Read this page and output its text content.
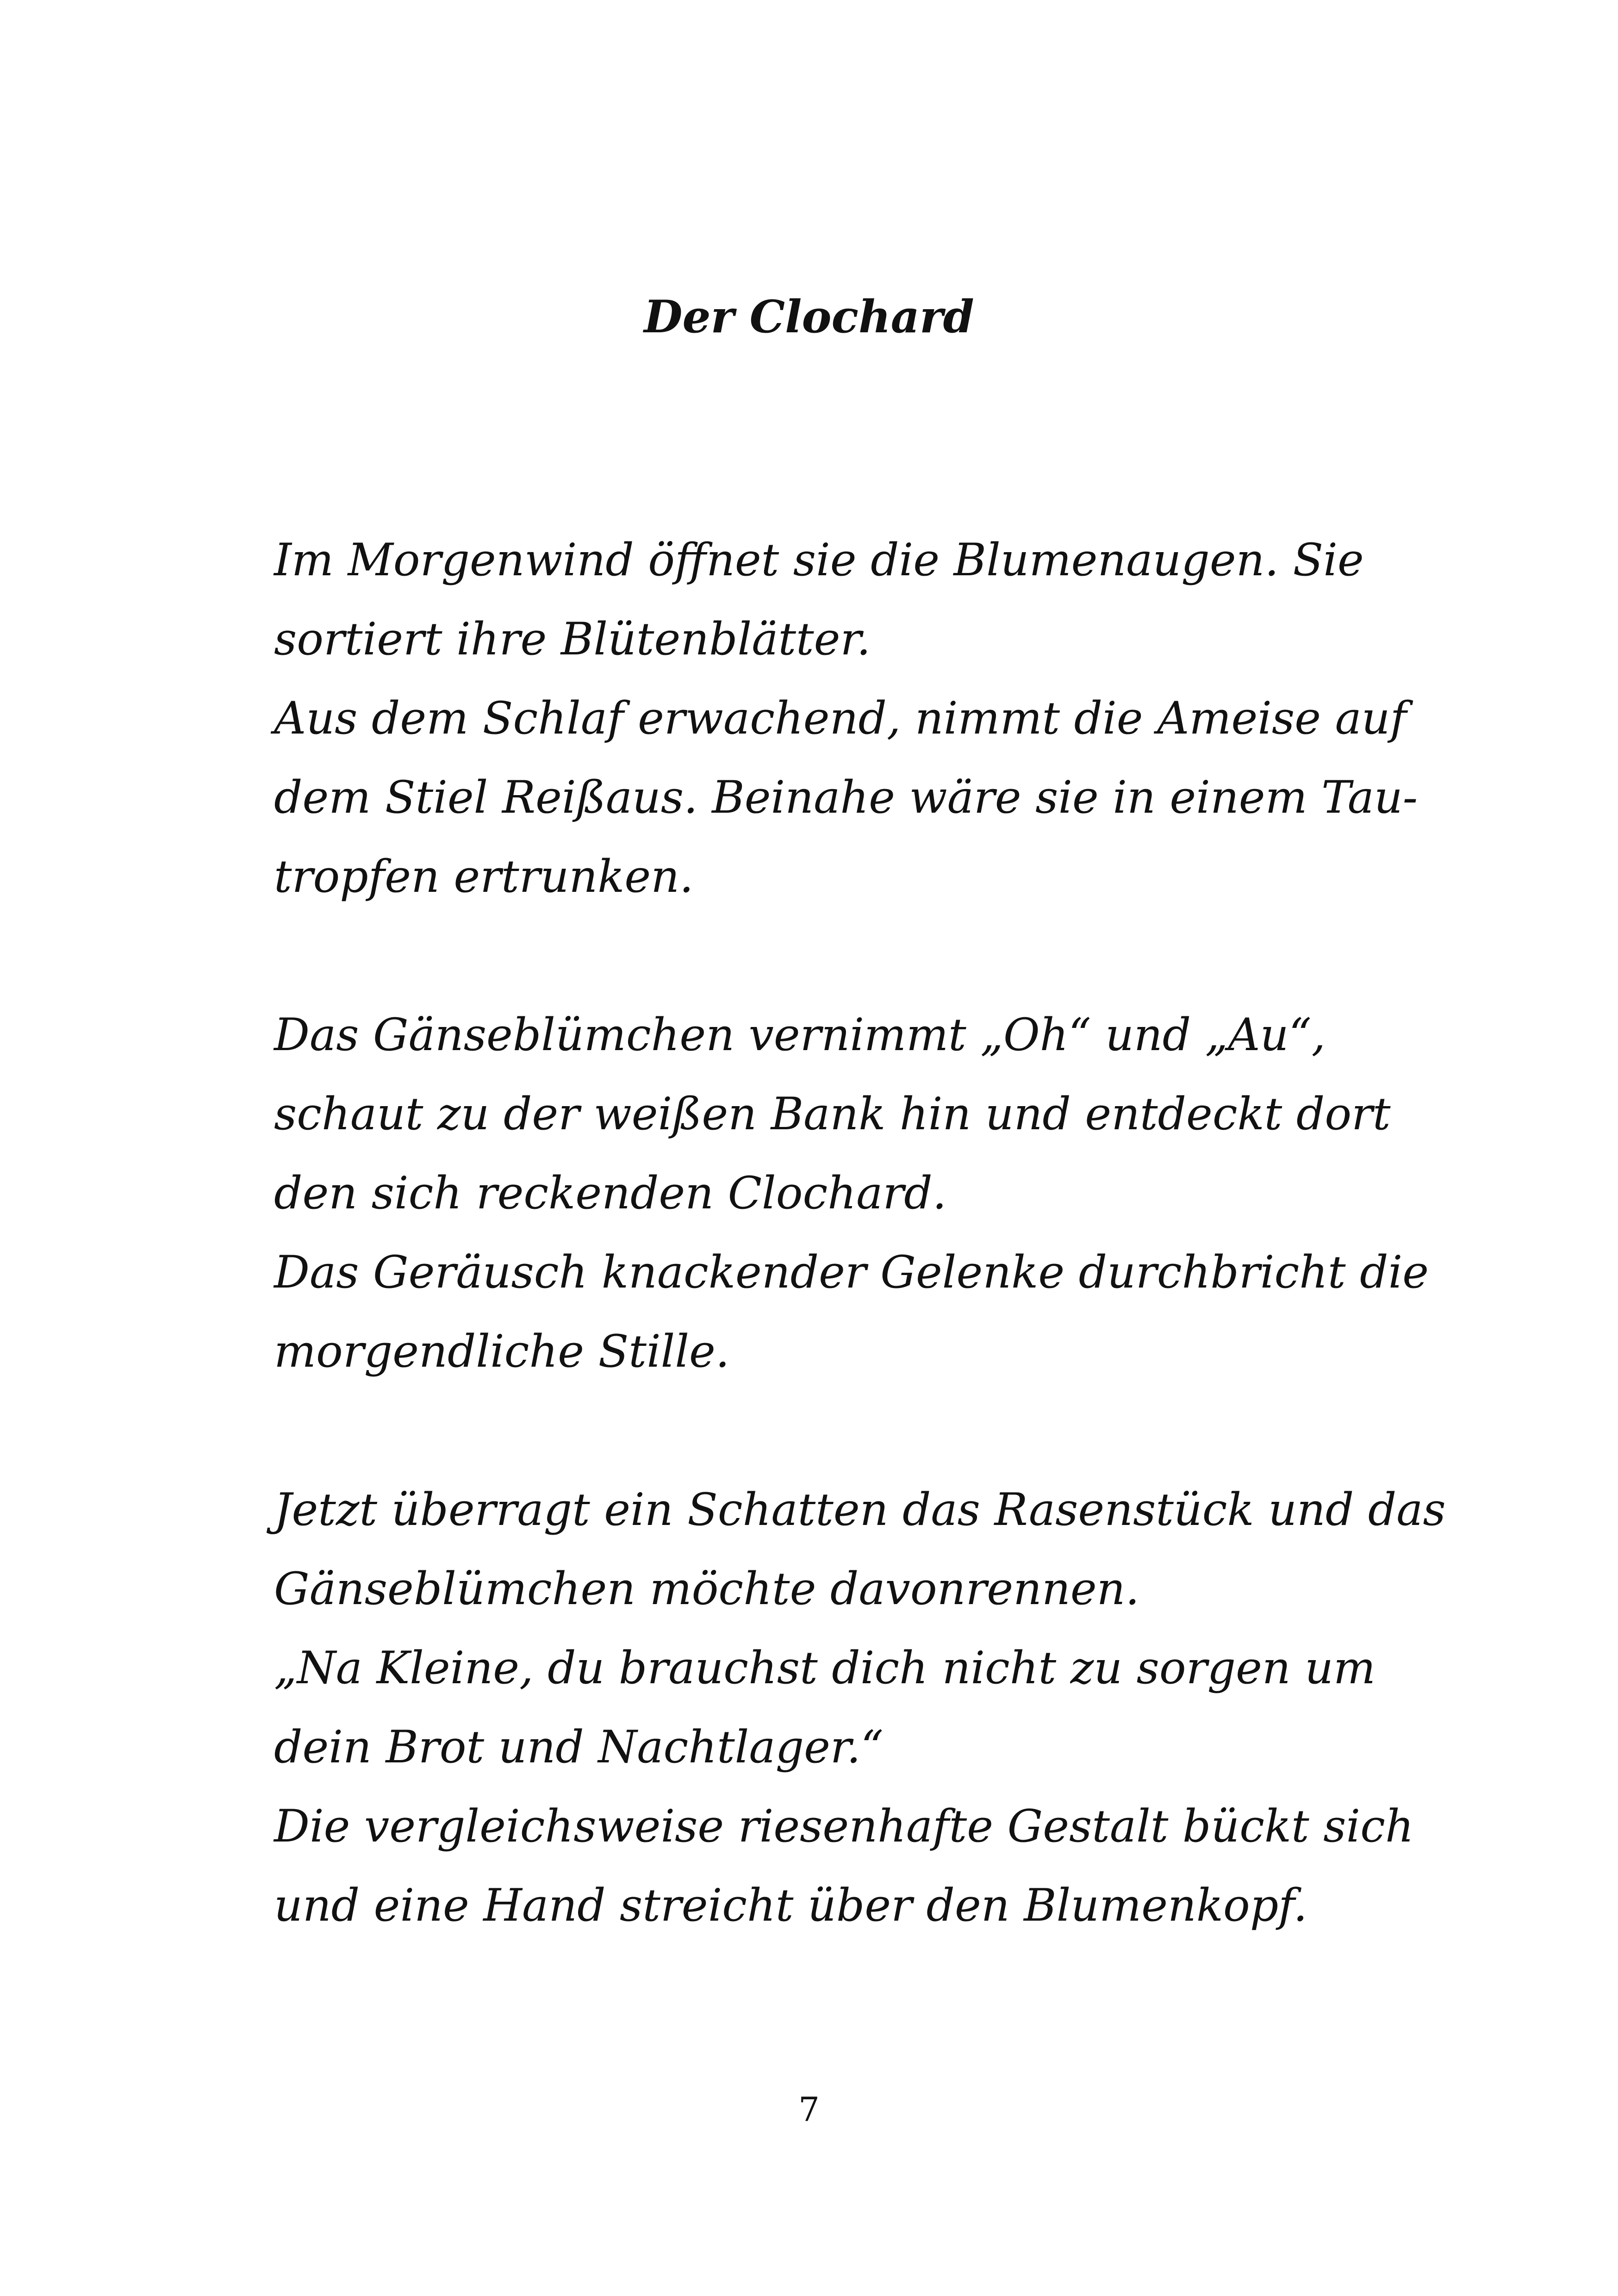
Der Clochard

Im Morgenwind öffnet sie die Blumenaugen. Sie
sortiert ihre Blütenblätter.
Aus dem Schlaf erwachend, nimmt die Ameise auf
dem Stiel Reißaus. Beinahe wäre sie in einem Tau-
tropfen ertrunken.

Das Gänseblümchen vernimmt „Oh“ und „Au“,
schaut zu der weißen Bank hin und entdeckt dort
den sich reckenden Clochard.
Das Geräusch knackender Gelenke durchbricht die
morgendliche Stille.

Jetzt überragt ein Schatten das Rasenstück und das
Gänseblümchen möchte davonrennen.
„Na Kleine, du brauchst dich nicht zu sorgen um
dein Brot und Nachtlager.“
Die vergleichsweise riesenhafte Gestalt bückt sich
und eine Hand streicht über den Blumenkopf.

7
